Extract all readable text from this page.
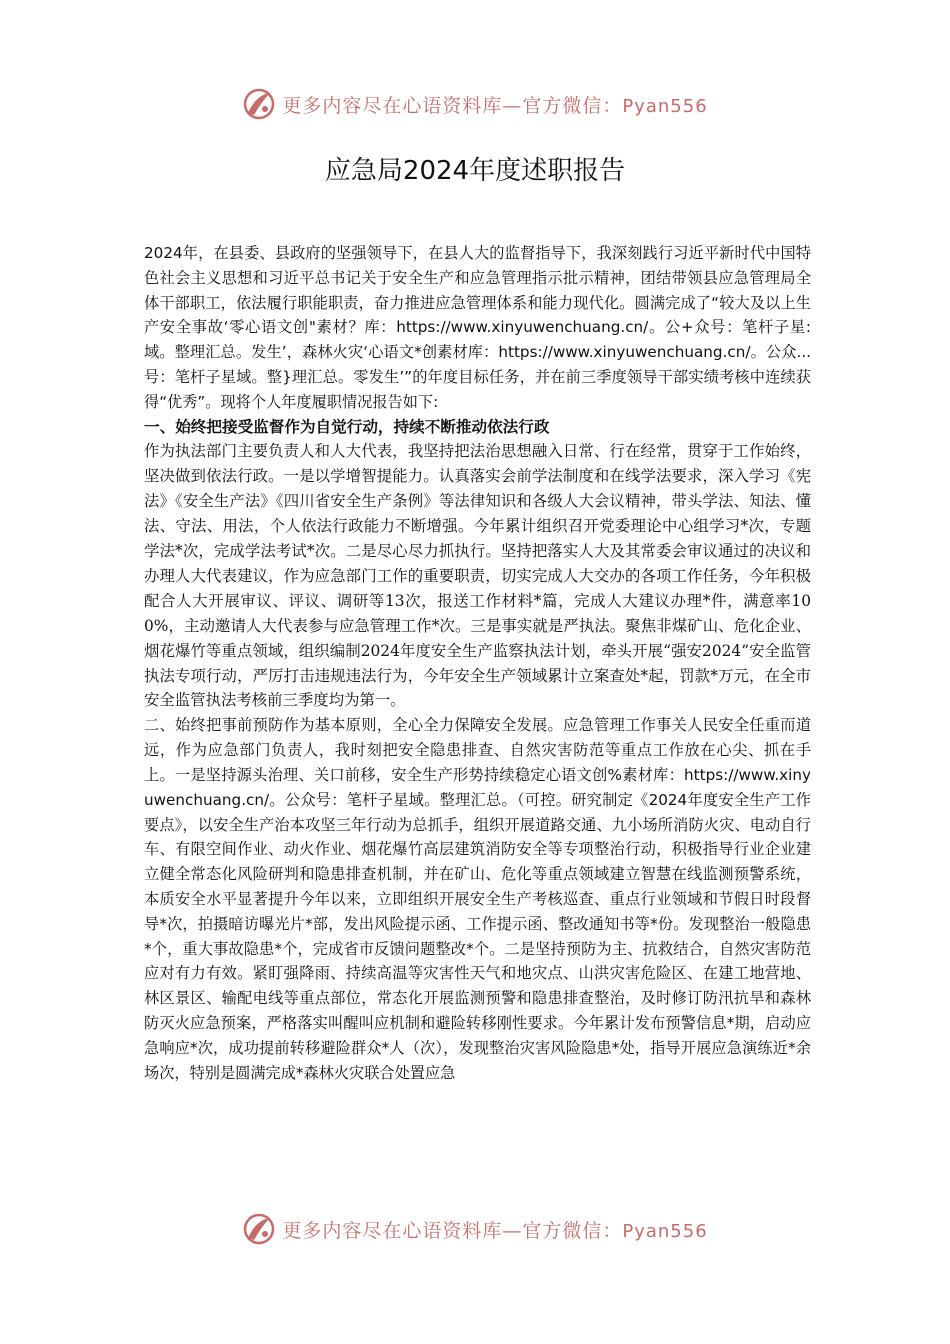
更多内容尽在心语资料库—官方微信：Pyan556
应急局2024年度述职报告

2024年，在县委、县政府的坚强领导下，在县人大的监督指导下，我深刻践行习近平新时代中国特色社会主义思想和习近平总书记关于安全生产和应急管理指示批示精神，团结带领县应急管理局全体干部职工，依法履行职能职责，奋力推进应急管理体系和能力现代化。圆满完成了“较大及以上生产安全事故‘零心语文创"素材？库：https://www.xinyuwenchuang.cn/。公+众号：笔杆子星:域。整理汇总。发生’，森林火灾‘心语文*创素材库：https://www.xinyuwenchuang.cn/。公众...号：笔杆子星域。整}理汇总。零发生’”的年度目标任务，并在前三季度领导干部实绩考核中连续获得“优秀”。现将个人年度履职情况报告如下:

一、始终把接受监督作为自觉行动，持续不断推动依法行政

作为执法部门主要负责人和人大代表，我坚持把法治思想融入日常、行在经常，贯穿于工作始终，坚决做到依法行政。一是以学增智提能力。认真落实会前学法制度和在线学法要求，深入学习《宪法》《安全生产法》《四川省安全生产条例》等法律知识和各级人大会议精神，带头学法、知法、懂法、守法、用法，个人依法行政能力不断增强。今年累计组织召开党委理论中心组学习*次，专题学法*次，完成学法考试*次。二是尽心尽力抓执行。坚持把落实人大及其常委会审议通过的决议和办理人大代表建议，作为应急部门工作的重要职责，切实完成人大交办的各项工作任务，今年积极配合人大开展审议、评议、调研等13次，报送工作材料*篇，完成人大建议办理*件，满意率100%，主动邀请人大代表参与应急管理工作*次。三是事实就是严执法。聚焦非煤矿山、危化企业、烟花爆竹等重点领域，组织编制2024年度安全生产监察执法计划，牵头开展“强安2024”安全监管执法专项行动，严厉打击违规违法行为，今年安全生产领域累计立案查处*起，罚款*万元，在全市安全监管执法考核前三季度均为第一。

二、始终把事前预防作为基本原则，全心全力保障安全发展。应急管理工作事关人民安全任重而道远，作为应急部门负责人，我时刻把安全隐患排查、自然灾害防范等重点工作放在心尖、抓在手上。一是坚持源头治理、关口前移，安全生产形势持续稳定心语文创%素材库：https://www.xinyuwenchuang.cn/。公众号：笔杆子星域。整理汇总。（可控。研究制定《2024年度安全生产工作要点》，以安全生产治本攻坚三年行动为总抓手，组织开展道路交通、九小场所消防火灾、电动自行车、有限空间作业、动火作业、烟花爆竹高层建筑消防安全等专项整治行动，积极指导行业企业建立健全常态化风险研判和隐患排查机制，并在矿山、危化等重点领域建立智慧在线监测预警系统，本质安全水平显著提升今年以来，立即组织开展安全生产考核巡查、重点行业领域和节假日时段督导*次，拍摄暗访曝光片*部，发出风险提示函、工作提示函、整改通知书等*份。发现整治一般隐患*个，重大事故隐患*个，完成省市反馈问题整改*个。二是坚持预防为主、抗救结合，自然灾害防范应对有力有效。紧盯强降雨、持续高温等灾害性天气和地灾点、山洪灾害危险区、在建工地营地、林区景区、输配电线等重点部位，常态化开展监测预警和隐患排查整治，及时修订防汛抗旱和森林防灭火应急预案，严格落实叫醒叫应机制和避险转移刚性要求。今年累计发布预警信息*期，启动应急响应*次，成功提前转移避险群众*人（次），发现整治灾害风险隐患*处，指导开展应急演练近*余场次，特别是圆满完成*森林火灾联合处置应急

更多内容尽在心语资料库—官方微信：Pyan556
